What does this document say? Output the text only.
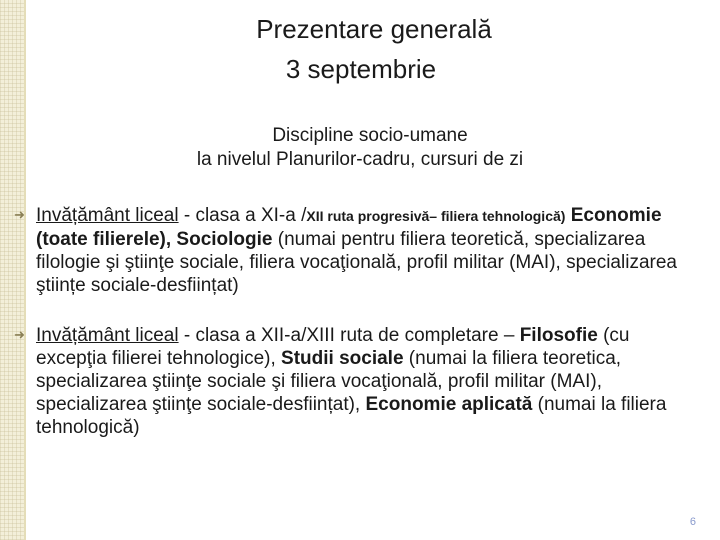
Prezentare generală
3 septembrie
Discipline socio-umane
la nivelul Planurilor-cadru, cursuri de zi
➜ Invățământ liceal - clasa a XI-a /XII ruta progresivă– filiera tehnologică) Economie (toate filierele), Sociologie (numai pentru filiera teoretică, specializarea filologie şi ştiinţe sociale, filiera vocaţională, profil militar (MAI), specializarea ştiințe sociale-desființat)
➜ Invățământ liceal - clasa a XII-a/XIII ruta de completare – Filosofie (cu excepţia filierei tehnologice), Studii sociale (numai la filiera teoretica, specializarea ştiinţe sociale şi filiera vocaţională, profil militar (MAI), specializarea ştiinţe sociale-desființat), Economie aplicată (numai la filiera tehnologică)
6
